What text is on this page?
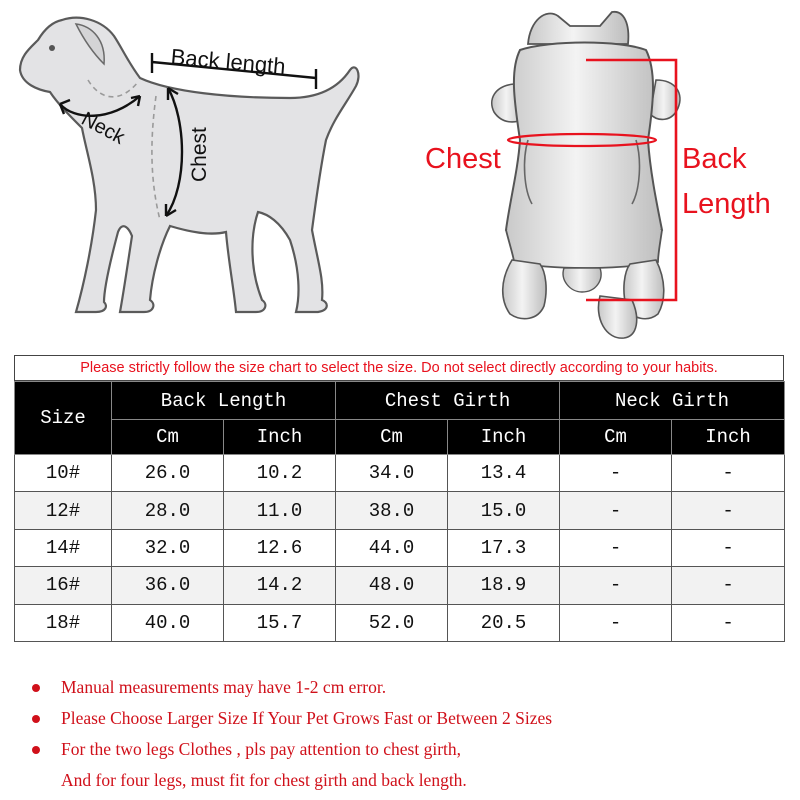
Back length
Neck	Chest	Chest	Back
Length
Please strictly follow the size chart to select the size. Do not select directly according to your habits.
Size	Back Length		Chest Girth		Neck Girth	
	Cm	Inch	Cm	Inch	Cm	Inch
10#	26.0	10.2	34.0	13.4	-	-
12#	28.0	11.0	38.0	15.0	-	-
14#	32.0	12.6	44.0	17.3	-	-
16#	36.0	14.2	48.0	18.9	-	-
18#	40.0	15.7	52.0	20.5	-	-
Manual measurements may have 1-2 cm error.
Please Choose Larger Size If Your Pet Grows Fast or Between 2 Sizes
For the two legs Clothes , pls pay attention to chest girth,
And for four legs, must fit for chest girth and back length.
